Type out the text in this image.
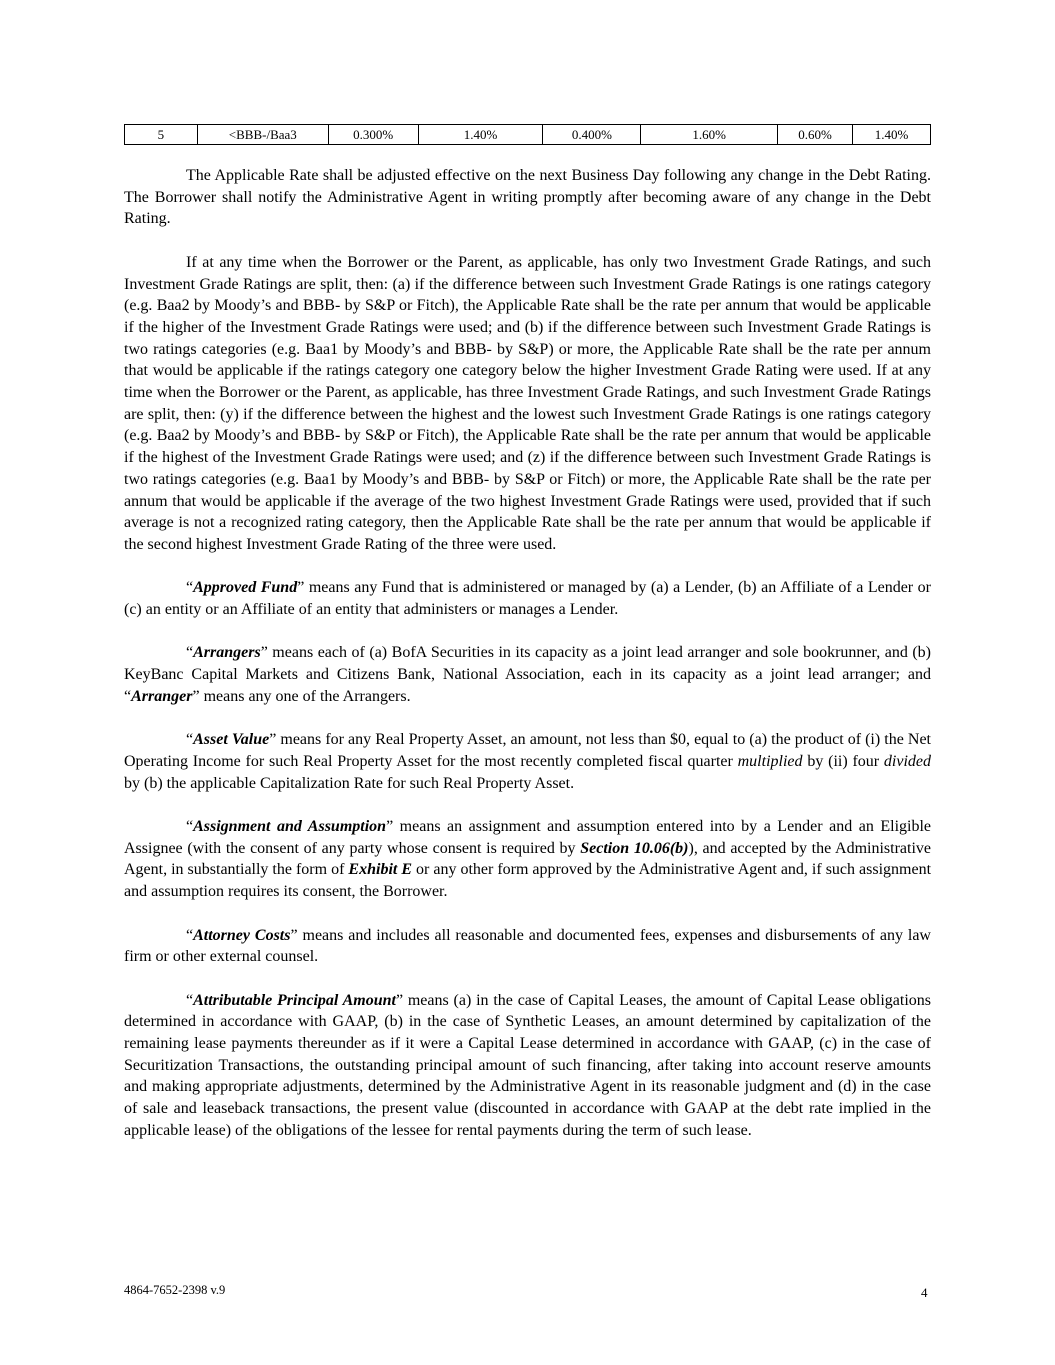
5	<BBB-/Baa3	0.300%	1.40%	0.400%	1.60%	0.60%	1.40%

The Applicable Rate shall be adjusted effective on the next Business Day following any change in the Debt Rating. The Borrower shall notify the Administrative Agent in writing promptly after becoming aware of any change in the Debt Rating.

If at any time when the Borrower or the Parent, as applicable, has only two Investment Grade Ratings, and such Investment Grade Ratings are split, then: (a) if the difference between such Investment Grade Ratings is one ratings category (e.g. Baa2 by Moody’s and BBB- by S&P or Fitch), the Applicable Rate shall be the rate per annum that would be applicable if the higher of the Investment Grade Ratings were used; and (b) if the difference between such Investment Grade Ratings is two ratings categories (e.g. Baa1 by Moody’s and BBB- by S&P) or more, the Applicable Rate shall be the rate per annum that would be applicable if the ratings category one category below the higher Investment Grade Rating were used. If at any time when the Borrower or the Parent, as applicable, has three Investment Grade Ratings, and such Investment Grade Ratings are split, then: (y) if the difference between the highest and the lowest such Investment Grade Ratings is one ratings category (e.g. Baa2 by Moody’s and BBB- by S&P or Fitch), the Applicable Rate shall be the rate per annum that would be applicable if the highest of the Investment Grade Ratings were used; and (z) if the difference between such Investment Grade Ratings is two ratings categories (e.g. Baa1 by Moody’s and BBB- by S&P or Fitch) or more, the Applicable Rate shall be the rate per annum that would be applicable if the average of the two highest Investment Grade Ratings were used, provided that if such average is not a recognized rating category, then the Applicable Rate shall be the rate per annum that would be applicable if the second highest Investment Grade Rating of the three were used.

“Approved Fund” means any Fund that is administered or managed by (a) a Lender, (b) an Affiliate of a Lender or (c) an entity or an Affiliate of an entity that administers or manages a Lender.

“Arrangers” means each of (a) BofA Securities in its capacity as a joint lead arranger and sole bookrunner, and (b) KeyBanc Capital Markets and Citizens Bank, National Association, each in its capacity as a joint lead arranger; and “Arranger” means any one of the Arrangers.

“Asset Value” means for any Real Property Asset, an amount, not less than $0, equal to (a) the product of (i) the Net Operating Income for such Real Property Asset for the most recently completed fiscal quarter multiplied by (ii) four divided by (b) the applicable Capitalization Rate for such Real Property Asset.

“Assignment and Assumption” means an assignment and assumption entered into by a Lender and an Eligible Assignee (with the consent of any party whose consent is required by Section 10.06(b)), and accepted by the Administrative Agent, in substantially the form of Exhibit E or any other form approved by the Administrative Agent and, if such assignment and assumption requires its consent, the Borrower.

“Attorney Costs” means and includes all reasonable and documented fees, expenses and disbursements of any law firm or other external counsel.

“Attributable Principal Amount” means (a) in the case of Capital Leases, the amount of Capital Lease obligations determined in accordance with GAAP, (b) in the case of Synthetic Leases, an amount determined by capitalization of the remaining lease payments thereunder as if it were a Capital Lease determined in accordance with GAAP, (c) in the case of Securitization Transactions, the outstanding principal amount of such financing, after taking into account reserve amounts and making appropriate adjustments, determined by the Administrative Agent in its reasonable judgment and (d) in the case of sale and leaseback transactions, the present value (discounted in accordance with GAAP at the debt rate implied in the applicable lease) of the obligations of the lessee for rental payments during the term of such lease.

4864-7652-2398 v.9	4
